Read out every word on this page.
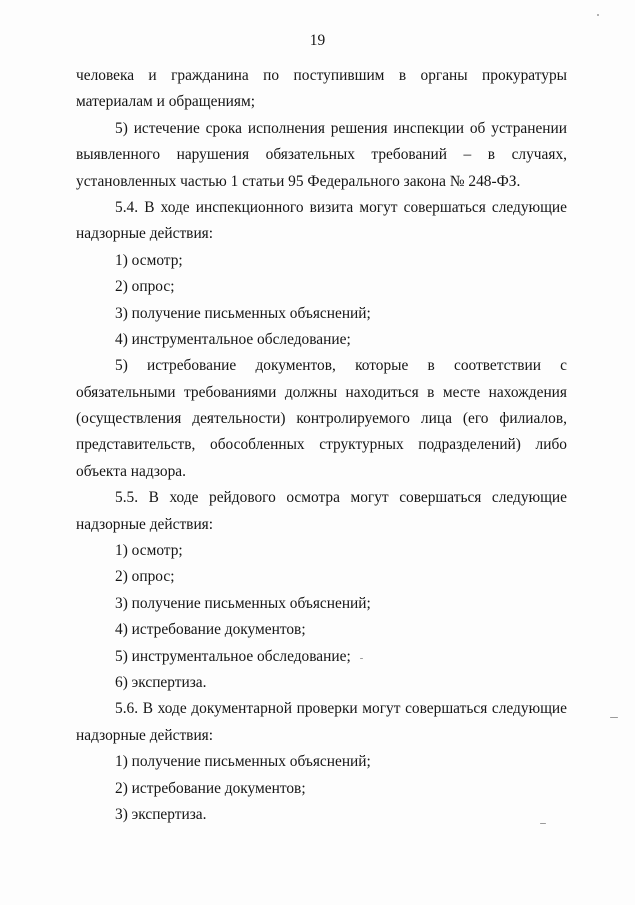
19
человека и гражданина по поступившим в органы прокуратуры
материалам и обращениям;
5) истечение срока исполнения решения инспекции об устранении
выявленного нарушения обязательных требований – в случаях,
установленных частью 1 статьи 95 Федерального закона № 248-ФЗ.
5.4. В ходе инспекционного визита могут совершаться следующие
надзорные действия:
1) осмотр;
2) опрос;
3) получение письменных объяснений;
4) инструментальное обследование;
5) истребование документов, которые в соответствии с
обязательными требованиями должны находиться в месте нахождения
(осуществления деятельности) контролируемого лица (его филиалов,
представительств, обособленных структурных подразделений) либо
объекта надзора.
5.5. В ходе рейдового осмотра могут совершаться следующие
надзорные действия:
1) осмотр;
2) опрос;
3) получение письменных объяснений;
4) истребование документов;
5) инструментальное обследование;
6) экспертиза.
5.6. В ходе документарной проверки могут совершаться следующие
надзорные действия:
1) получение письменных объяснений;
2) истребование документов;
3) экспертиза.
